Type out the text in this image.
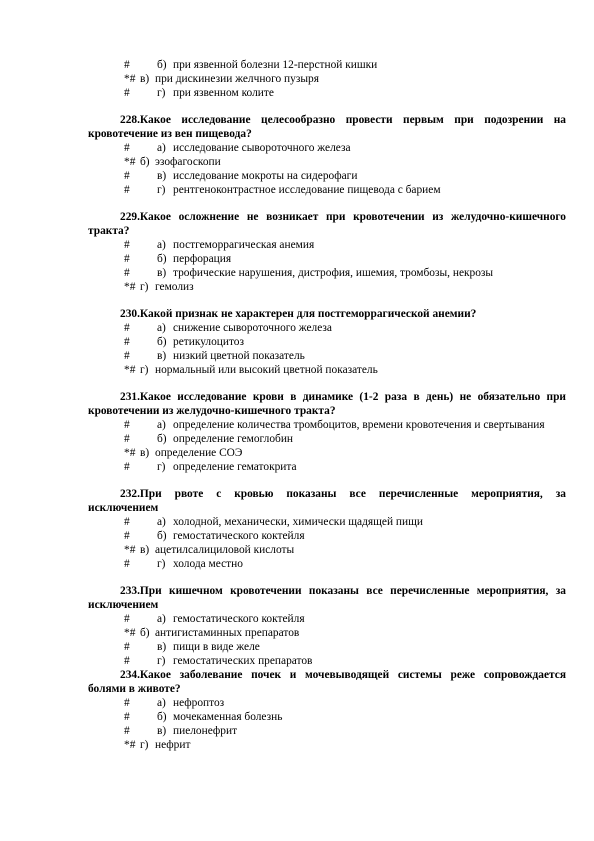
# б) при язвенной болезни 12-перстной кишки
*# в) при дискинезии желчного пузыря
# г) при язвенном колите
228.Какое исследование целесообразно провести первым при подозрении на
кровотечение из вен пищевода?
# а) исследование сывороточного железа
*# б) эзофагоскопи
# в) исследование мокроты на сидерофаги
# г) рентгеноконтрастное исследование пищевода с барием
229.Какое осложнение не возникает при кровотечении из желудочно-кишечного
тракта?
# а) постгеморрагическая анемия
# б) перфорация
# в) трофические нарушения, дистрофия, ишемия, тромбозы, некрозы
*# г) гемолиз
230.Какой признак не характерен для постгеморрагической анемии?
# а) снижение сывороточного железа
# б) ретикулоцитоз
# в) низкий цветной показатель
*# г) нормальный или высокий цветной показатель
231.Какое исследование крови в динамике (1-2 раза в день) не обязательно при
кровотечении из желудочно-кишечного тракта?
# а) определение количества тромбоцитов, времени кровотечения и свертывания
# б) определение гемоглобин
*# в) определение СОЭ
# г) определение гематокрита
232.При рвоте с кровью показаны все перечисленные мероприятия, за
исключением
# а) холодной, механически, химически щадящей пищи
# б) гемостатического коктейля
*# в) ацетилсалициловой кислоты
# г) холода местно
233.При кишечном кровотечении показаны все перечисленные мероприятия, за
исключением
# а) гемостатического коктейля
*# б) антигистаминных препаратов
# в) пищи в виде желе
# г) гемостатических препаратов
234.Какое заболевание почек и мочевыводящей системы реже сопровождается
болями в животе?
# а) нефроптоз
# б) мочекаменная болезнь
# в) пиелонефрит
*# г) нефрит
